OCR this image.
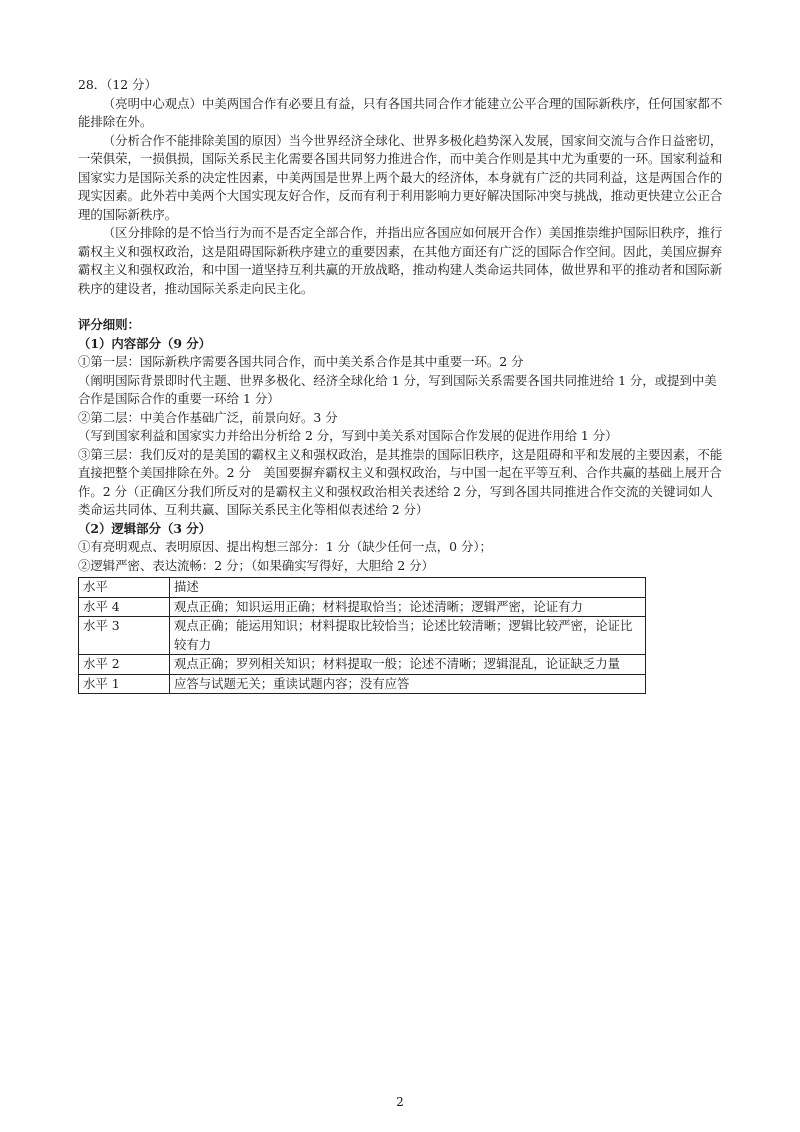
28．（12 分）

（亮明中心观点）中美两国合作有必要且有益，只有各国共同合作才能建立公平合理的国际新秩序，任何国家都不能排除在外。

（分析合作不能排除美国的原因）当今世界经济全球化、世界多极化趋势深入发展，国家间交流与合作日益密切，一荣俱荣，一损俱损，国际关系民主化需要各国共同努力推进合作，而中美合作则是其中尤为重要的一环。国家利益和国家实力是国际关系的决定性因素，中美两国是世界上两个最大的经济体，本身就有广泛的共同利益，这是两国合作的现实因素。此外若中美两个大国实现友好合作，反而有利于利用影响力更好解决国际冲突与挑战，推动更快建立公正合理的国际新秩序。

（区分排除的是不恰当行为而不是否定全部合作，并指出应各国应如何展开合作）美国推崇维护国际旧秩序，推行霸权主义和强权政治，这是阻碍国际新秩序建立的重要因素，在其他方面还有广泛的国际合作空间。因此，美国应摒弃霸权主义和强权政治，和中国一道坚持互利共赢的开放战略，推动构建人类命运共同体，做世界和平的推动者和国际新秩序的建设者，推动国际关系走向民主化。

评分细则：

（1）内容部分（9 分）

①第一层：国际新秩序需要各国共同合作，而中美关系合作是其中重要一环。2 分

（阐明国际背景即时代主题、世界多极化、经济全球化给 1 分，写到国际关系需要各国共同推进给 1 分，或提到中美合作是国际合作的重要一环给 1 分）

②第二层：中美合作基础广泛，前景向好。3 分

（写到国家利益和国家实力并给出分析给 2 分，写到中美关系对国际合作发展的促进作用给 1 分）

③第三层：我们反对的是美国的霸权主义和强权政治，是其推崇的国际旧秩序，这是阻碍和平和发展的主要因素，不能直接把整个美国排除在外。2 分　美国要摒弃霸权主义和强权政治，与中国一起在平等互利、合作共赢的基础上展开合作。2 分（正确区分我们所反对的是霸权主义和强权政治相关表述给 2 分，写到各国共同推进合作交流的关键词如人类命运共同体、互利共赢、国际关系民主化等相似表述给 2 分）

（2）逻辑部分（3 分）

①有亮明观点、表明原因、提出构想三部分：1 分（缺少任何一点，0 分）；

②逻辑严密、表达流畅：2 分；（如果确实写得好，大胆给 2 分）

水平	描述
水平 4	观点正确；知识运用正确；材料提取恰当；论述清晰；逻辑严密，论证有力
水平 3	观点正确；能运用知识；材料提取比较恰当；论述比较清晰；逻辑比较严密，论证比较有力
水平 2	观点正确；罗列相关知识；材料提取一般；论述不清晰；逻辑混乱，论证缺乏力量
水平 1	应答与试题无关；重读试题内容；没有应答
2
